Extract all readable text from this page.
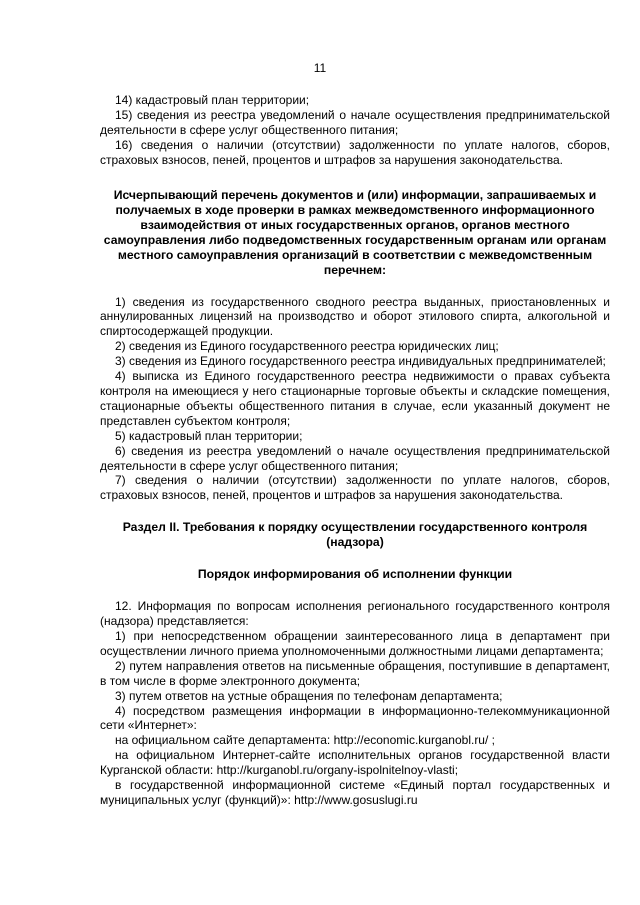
11

14) кадастровый план территории;

15) сведения из реестра уведомлений о начале осуществления предпринимательской деятельности в сфере услуг общественного питания;

16) сведения о наличии (отсутствии) задолженности по уплате налогов, сборов, страховых взносов, пеней, процентов и штрафов за нарушения законодательства.

Исчерпывающий перечень документов и (или) информации, запрашиваемых и получаемых в ходе проверки в рамках межведомственного информационного взаимодействия от иных государственных органов, органов местного самоуправления либо подведомственных государственным органам или органам местного самоуправления организаций в соответствии с межведомственным перечнем:

1) сведения из государственного сводного реестра выданных, приостановленных и аннулированных лицензий на производство и оборот этилового спирта, алкогольной и спиртосодержащей продукции.

2) сведения из Единого государственного реестра юридических лиц;

3) сведения из Единого государственного реестра индивидуальных предпринимателей;

4) выписка из Единого государственного реестра недвижимости о правах субъекта контроля на имеющиеся у него стационарные торговые объекты и складские помещения, стационарные объекты общественного питания в случае, если указанный документ не представлен субъектом контроля;

5) кадастровый план территории;

6) сведения из реестра уведомлений о начале осуществления предпринимательской деятельности в сфере услуг общественного питания;

7) сведения о наличии (отсутствии) задолженности по уплате налогов, сборов, страховых взносов, пеней, процентов и штрафов за нарушения законодательства.

Раздел II. Требования к порядку осуществлении государственного контроля (надзора)

Порядок информирования об исполнении функции

12. Информация по вопросам исполнения регионального государственного контроля (надзора) представляется:

1) при непосредственном обращении заинтересованного лица в департамент при осуществлении личного приема уполномоченными должностными лицами департамента;

2) путем направления ответов на письменные обращения, поступившие в департамент, в том числе в форме электронного документа;

3) путем ответов на устные обращения по телефонам департамента;

4) посредством размещения информации в информационно-телекоммуникационной сети «Интернет»:

на официальном сайте департамента: http://economic.kurganobl.ru/ ;

на официальном Интернет-сайте исполнительных органов государственной власти Курганской области: http://kurganobl.ru/organy-ispolnitelnoy-vlasti;

в государственной информационной системе «Единый портал государственных и муниципальных услуг (функций)»: http://www.gosuslugi.ru
